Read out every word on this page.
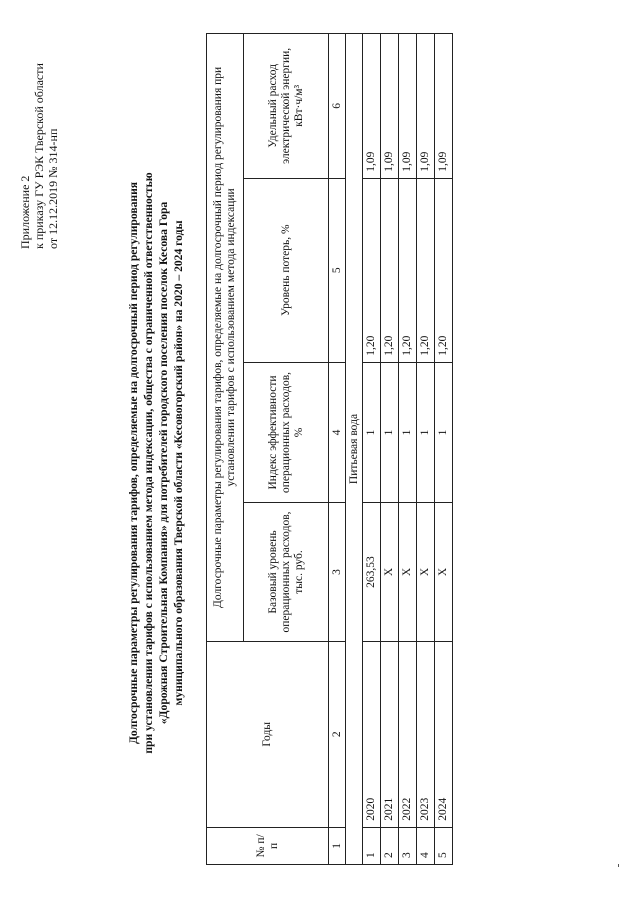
Приложение 2 к приказу ГУ РЭК Тверской области от 12.12.2019 № 314-нп	Долгосрочные параметры регулирования тарифов, определяемые на долгосрочный период регулирования при установлении тарифов с использованием метода индексации, общества с ограниченной ответственностью «Дорожная Строительная Компания» для потребителей городского поселения поселок Кесова Гора муниципального образования Тверской области «Кесовогорский район» на 2020 – 2024 годы
№ п/п	Годы	Долгосрочные параметры регулирования тарифов, определяемые на долгосрочный период регулирования при установлении тарифов с использованием метода индексации			
		Базовый уровень операционных расходов, тыс. руб.	Индекс эффективности операционных расходов, %	Уровень потерь, %	Удельный расход электрической энергии, кВт·ч/м³
1	2	3	4	5	6
Питьевая вода					
1	2020	263,53	1	1,20	1,09
2	2021	X	1	1,20	1,09
3	2022	X	1	1,20	1,09
4	2023	X	1	1,20	1,09
5	2024	X	1	1,20	1,09
